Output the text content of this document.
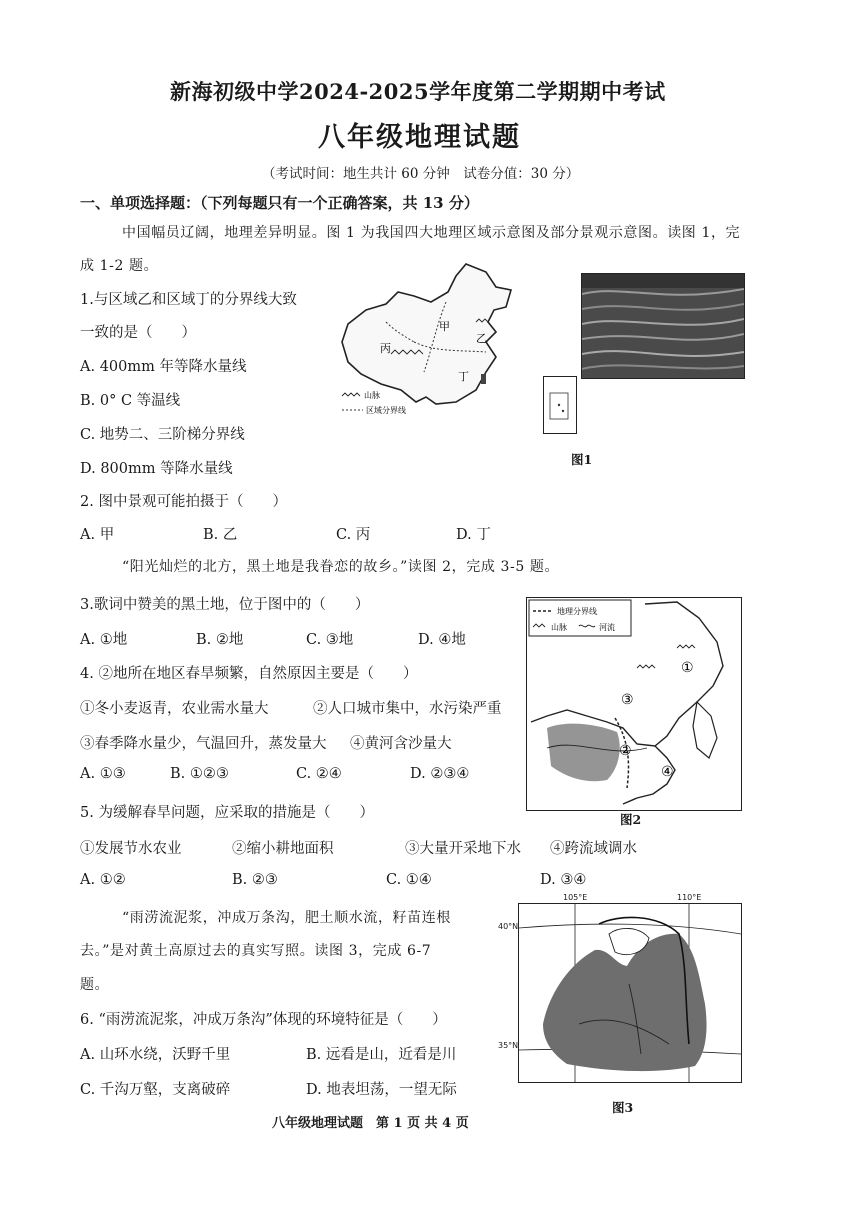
新海初级中学2024-2025学年度第二学期期中考试
八年级地理试题
（考试时间：地生共计 60 分钟　试卷分值：30 分）
一、单项选择题：（下列每题只有一个正确答案，共 13 分）
中国幅员辽阔，地理差异明显。图 1 为我国四大地理区域示意图及部分景观示意图。读图 1，完
成 1-2 题。
1.与区域乙和区域丁的分界线大致
一致的是（　　）
A. 400mm 年等降水量线
B. 0° C 等温线
C. 地势二、三阶梯分界线
D. 800mm 等降水量线
2. 图中景观可能拍摄于（　　）
A. 甲	B. 乙	C. 丙	D. 丁
甲
乙
丙
丁
山脉
区域分界线
图1
“阳光灿烂的北方，黑土地是我眷恋的故乡。”读图 2，完成 3-5 题。
3.歌词中赞美的黑土地，位于图中的（　　）
A. ①地	B. ②地	C. ③地	D. ④地
4. ②地所在地区春旱频繁，自然原因主要是（　　）
①冬小麦返青，农业需水量大	②人口城市集中，水污染严重
③春季降水量少，气温回升，蒸发量大 ④黄河含沙量大
A. ①③	B. ①②③	C. ②④	D. ②③④
地理分界线
山脉	河流
①
②
③
④
图2
5. 为缓解春旱问题，应采取的措施是（　　）
①发展节水农业	②缩小耕地面积	③大量开采地下水 ④跨流域调水
A. ①②	B. ②③	C. ①④	D. ③④
“雨涝流泥浆，冲成万条沟，肥土顺水流，籽苗连根
去。”是对黄土高原过去的真实写照。读图 3，完成 6-7
题。
6. “雨涝流泥浆，冲成万条沟”体现的环境特征是（　　）
A. 山环水绕，沃野千里	B. 远看是山，近看是川
C. 千沟万壑，支离破碎	D. 地表坦荡，一望无际
105°E	110°E
40°N
35°N
图3
八年级地理试题　第 1 页 共 4 页
